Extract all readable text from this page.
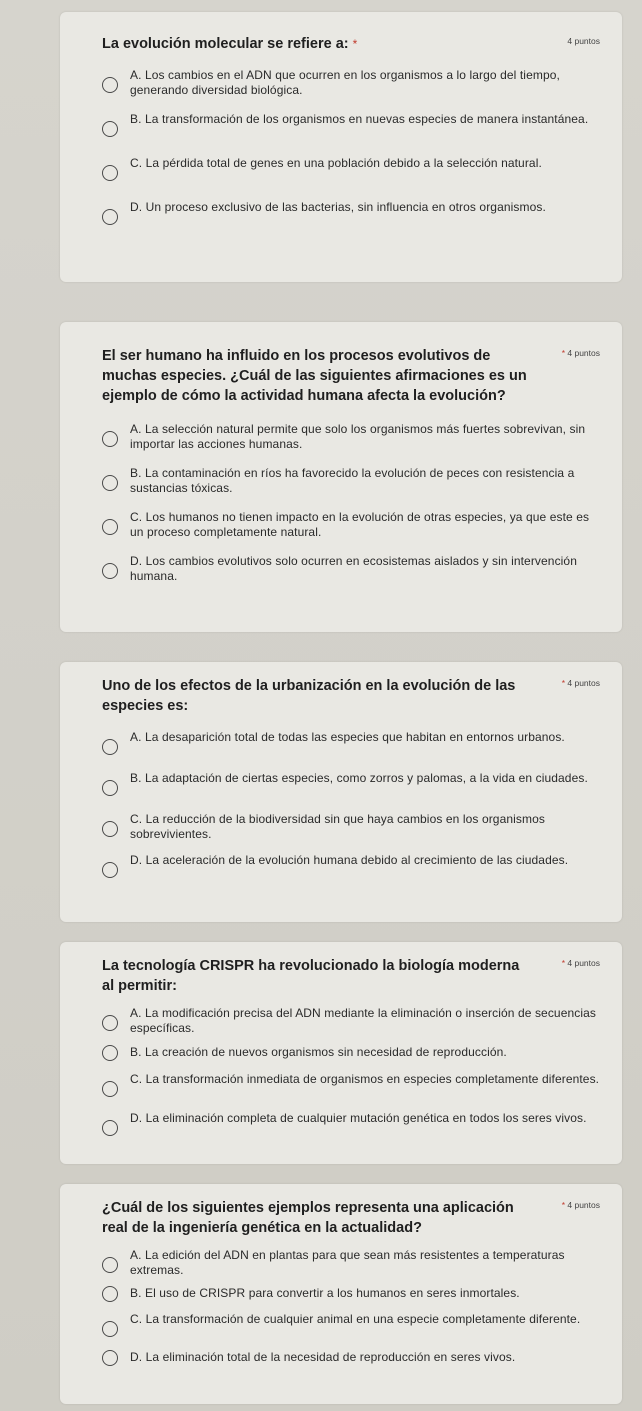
La evolución molecular se refiere a: *	4 puntos
A. Los cambios en el ADN que ocurren en los organismos a lo largo del tiempo, generando diversidad biológica.
B. La transformación de los organismos en nuevas especies de manera instantánea.
C. La pérdida total de genes en una población debido a la selección natural.
D. Un proceso exclusivo de las bacterias, sin influencia en otros organismos.
El ser humano ha influido en los procesos evolutivos de muchas especies. ¿Cuál de las siguientes afirmaciones es un ejemplo de cómo la actividad humana afecta la evolución?
* 4 puntos
A. La selección natural permite que solo los organismos más fuertes sobrevivan, sin importar las acciones humanas.
B. La contaminación en ríos ha favorecido la evolución de peces con resistencia a sustancias tóxicas.
C. Los humanos no tienen impacto en la evolución de otras especies, ya que este es un proceso completamente natural.
D. Los cambios evolutivos solo ocurren en ecosistemas aislados y sin intervención humana.
Uno de los efectos de la urbanización en la evolución de las especies es:
* 4 puntos
A. La desaparición total de todas las especies que habitan en entornos urbanos.
B. La adaptación de ciertas especies, como zorros y palomas, a la vida en ciudades.
C. La reducción de la biodiversidad sin que haya cambios en los organismos sobrevivientes.
D. La aceleración de la evolución humana debido al crecimiento de las ciudades.
La tecnología CRISPR ha revolucionado la biología moderna al permitir:
* 4 puntos
A. La modificación precisa del ADN mediante la eliminación o inserción de secuencias específicas.
B. La creación de nuevos organismos sin necesidad de reproducción.
C. La transformación inmediata de organismos en especies completamente diferentes.
D. La eliminación completa de cualquier mutación genética en todos los seres vivos.
¿Cuál de los siguientes ejemplos representa una aplicación real de la ingeniería genética en la actualidad?
* 4 puntos
A. La edición del ADN en plantas para que sean más resistentes a temperaturas extremas.
B. El uso de CRISPR para convertir a los humanos en seres inmortales.
C. La transformación de cualquier animal en una especie completamente diferente.
D. La eliminación total de la necesidad de reproducción en seres vivos.
